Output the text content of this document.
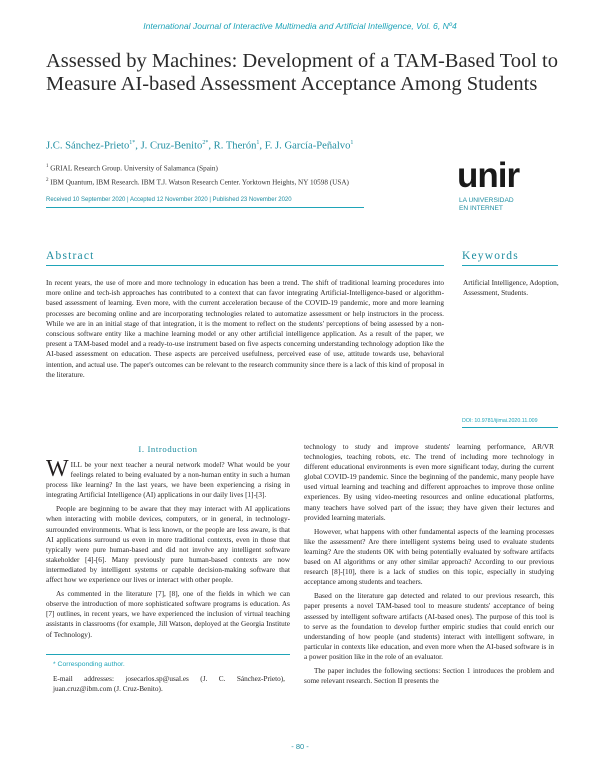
International Journal of Interactive Multimedia and Artificial Intelligence, Vol. 6, Nº4
Assessed by Machines: Development of a TAM-Based Tool to Measure AI-based Assessment Acceptance Among Students
J.C. Sánchez-Prieto$^{1*}$, J. Cruz-Benito$^{2*}$, R. Therón$^1$, F. J. García-Peñalvo$^1$
$^1$ GRIAL Research Group. University of Salamanca (Spain)
$^2$ IBM Quantum, IBM Research. IBM T.J. Watson Research Center. Yorktown Heights, NY 10598 (USA)	unir
LA UNIVERSIDAD
EN INTERNET
Received 10 September 2020 | Accepted 12 November 2020 | Published 23 November 2020
Abstract	Keywords
In recent years, the use of more and more technology in education has been a trend. The shift of traditional learning procedures into more online and tech-ish approaches has contributed to a context that can favor integrating Artificial-Intelligence-based or algorithm-based assessment of learning. Even more, with the current acceleration because of the COVID-19 pandemic, more and more learning processes are becoming online and are incorporating technologies related to automatize assessment or help instructors in the process. While we are in an initial stage of that integration, it is the moment to reflect on the students' perceptions of being assessed by a non-conscious software entity like a machine learning model or any other artificial intelligence application. As a result of the paper, we present a TAM-based model and a ready-to-use instrument based on five aspects concerning understanding technology adoption like the AI-based assessment on education. These aspects are perceived usefulness, perceived ease of use, attitude towards use, behavioral intention, and actual use. The paper's outcomes can be relevant to the research community since there is a lack of this kind of proposal in the literature.
Artificial Intelligence, Adoption, Assessment, Students.
DOI: 10.9781/ijimai.2020.11.009
I. Introduction

WILL be your next teacher a neural network model? What would be your feelings related to being evaluated by a non-human entity in such a human process like learning? In the last years, we have been experiencing a rising in integrating Artificial Intelligence (AI) applications in our daily lives [1]-[3].

People are beginning to be aware that they may interact with AI applications when interacting with mobile devices, computers, or in general, in technology-surrounded environments. What is less known, or the people are less aware, is that AI applications surround us even in more traditional contexts, even in those that typically were pure human-based and did not involve any intelligent software stakeholder [4]-[6]. Many previously pure human-based contexts are now intermediated by intelligent systems or capable decision-making software that affect how we experience our lives or interact with other people.

As commented in the literature [7], [8], one of the fields in which we can observe the introduction of more sophisticated software programs is education. As [7] outlines, in recent years, we have experienced the inclusion of virtual teaching assistants in classrooms (for example, Jill Watson, deployed at the Georgia Institute of Technology).

technology to study and improve students' learning performance, AR/VR technologies, teaching robots, etc. The trend of including more technology in different educational environments is even more significant today, during the current global COVID-19 pandemic. Since the beginning of the pandemic, many people have used virtual learning and teaching and different approaches to improve those online experiences. By using video-meeting resources and online educational platforms, many teachers have solved part of the issue; they have given their lectures and provided learning materials.

However, what happens with other fundamental aspects of the learning processes like the assessment? Are there intelligent systems being used to evaluate students learning? Are the students OK with being potentially evaluated by software artifacts based on AI algorithms or any other similar approach? According to our previous research [8]-[10], there is a lack of studies on this topic, especially in studying acceptance among students and teachers.

Based on the literature gap detected and related to our previous research, this paper presents a novel TAM-based tool to measure students' acceptance of being assessed by intelligent software artifacts (AI-based ones). The purpose of this tool is to serve as the foundation to develop further empiric studies that could enrich our understanding of how people (and students) interact with intelligent software, in particular in contexts like education, and even more when the AI-based software is in a power position like in the role of an evaluator.

The paper includes the following sections: Section 1 introduces the problem and some relevant research. Section II presents the

* Corresponding author.
E-mail addresses: josecarlos.sp@usal.es (J. C. Sánchez-Prieto), juan.cruz@ibm.com (J. Cruz-Benito).
- 80 -
